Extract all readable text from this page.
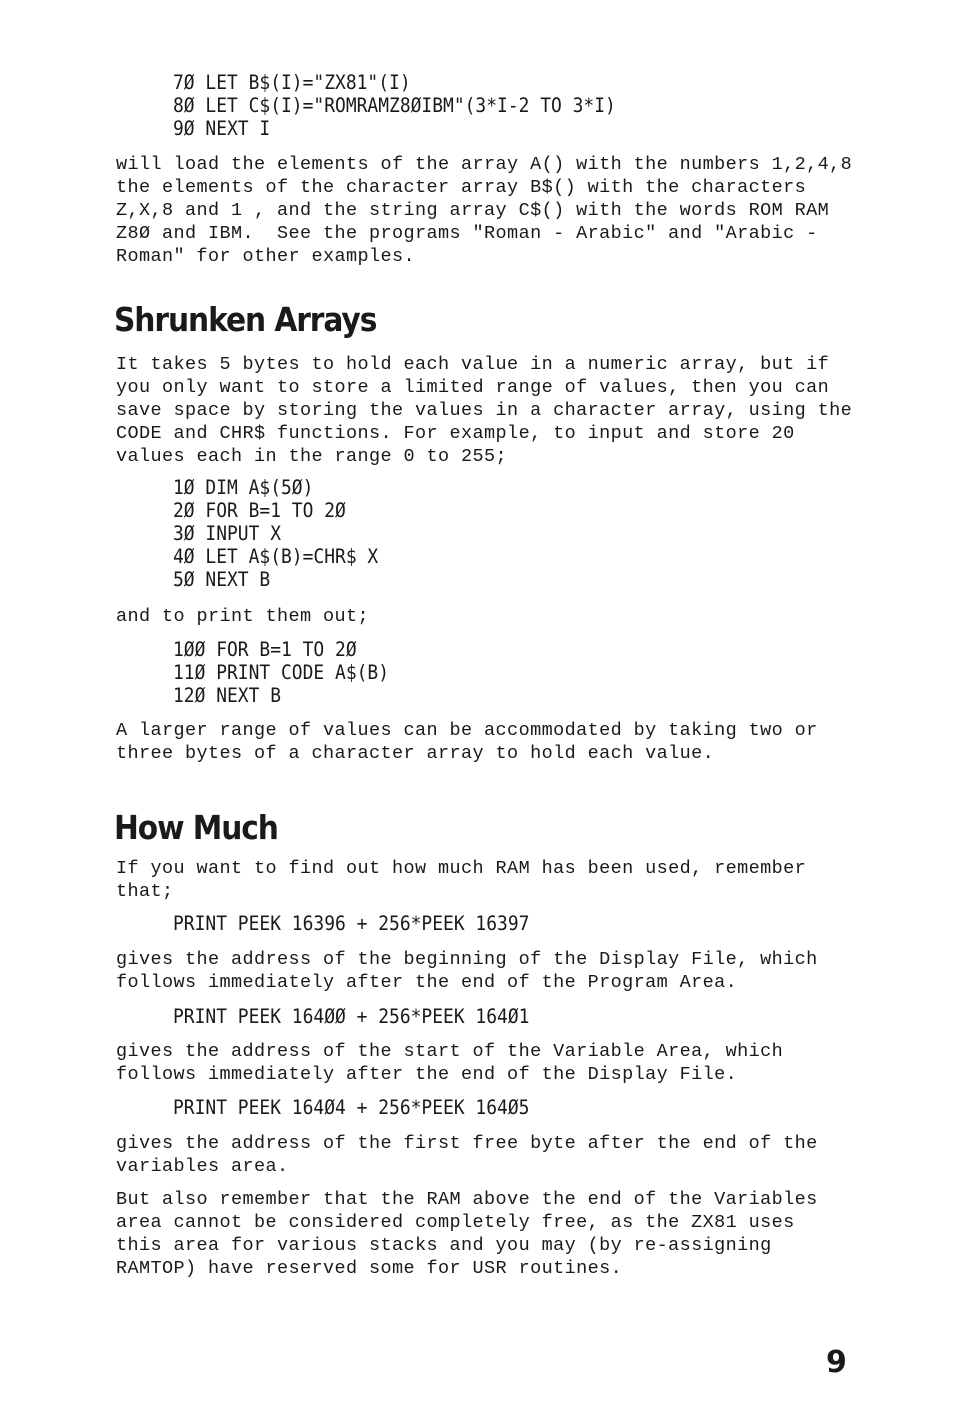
7Ø LET B$(I)="ZX81"(I)
8Ø LET C$(I)="ROMRAMZ8ØIBM"(3*I-2 TO 3*I)
9Ø NEXT I
will load the elements of the array A() with the numbers 1,2,4,8
the elements of the character array B$() with the characters
Z,X,8 and 1 , and the string array C$() with the words ROM RAM
Z8Ø and IBM.  See the programs "Roman - Arabic" and "Arabic -
Roman" for other examples.
Shrunken Arrays
It takes 5 bytes to hold each value in a numeric array, but if
you only want to store a limited range of values, then you can
save space by storing the values in a character array, using the
CODE and CHR$ functions. For example, to input and store 20
values each in the range 0 to 255;
1Ø DIM A$(5Ø)
2Ø FOR B=1 TO 2Ø
3Ø INPUT X
4Ø LET A$(B)=CHR$ X
5Ø NEXT B
and to print them out;
1ØØ FOR B=1 TO 2Ø
11Ø PRINT CODE A$(B)
12Ø NEXT B
A larger range of values can be accommodated by taking two or
three bytes of a character array to hold each value.
How Much
If you want to find out how much RAM has been used, remember
that;
PRINT PEEK 16396 + 256*PEEK 16397
gives the address of the beginning of the Display File, which
follows immediately after the end of the Program Area.
PRINT PEEK 164ØØ + 256*PEEK 164Ø1
gives the address of the start of the Variable Area, which
follows immediately after the end of the Display File.
PRINT PEEK 164Ø4 + 256*PEEK 164Ø5
gives the address of the first free byte after the end of the
variables area.
But also remember that the RAM above the end of the Variables
area cannot be considered completely free, as the ZX81 uses
this area for various stacks and you may (by re-assigning
RAMTOP) have reserved some for USR routines.
9
